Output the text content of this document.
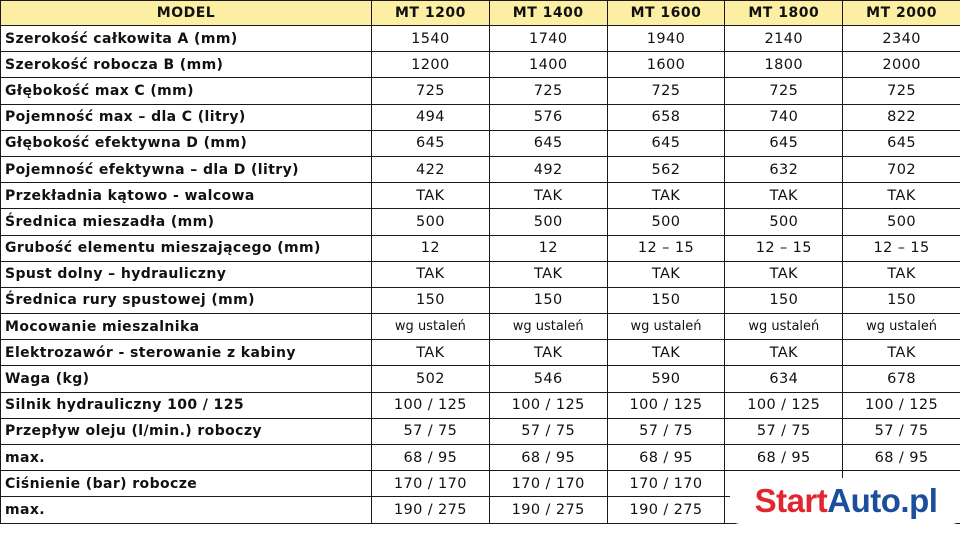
MODEL	MT 1200	MT 1400	MT 1600	MT 1800	MT 2000
Szerokość całkowita A (mm)	1540	1740	1940	2140	2340
Szerokość robocza B (mm)	1200	1400	1600	1800	2000
Głębokość max C (mm)	725	725	725	725	725
Pojemność max – dla C (litry)	494	576	658	740	822
Głębokość efektywna D (mm)	645	645	645	645	645
Pojemność efektywna – dla D (litry)	422	492	562	632	702
Przekładnia kątowo - walcowa	TAK	TAK	TAK	TAK	TAK
Średnica mieszadła (mm)	500	500	500	500	500
Grubość elementu mieszającego (mm)	12	12	12 – 15	12 – 15	12 – 15
Spust dolny – hydrauliczny	TAK	TAK	TAK	TAK	TAK
Średnica rury spustowej (mm)	150	150	150	150	150
Mocowanie mieszalnika	wg ustaleń	wg ustaleń	wg ustaleń	wg ustaleń	wg ustaleń
Elektrozawór - sterowanie z kabiny	TAK	TAK	TAK	TAK	TAK
Waga (kg)	502	546	590	634	678
Silnik hydrauliczny 100 / 125	100 / 125	100 / 125	100 / 125	100 / 125	100 / 125
Przepływ oleju (l/min.) roboczy	57 / 75	57 / 75	57 / 75	57 / 75	57 / 75
max.	68 / 95	68 / 95	68 / 95	68 / 95	68 / 95
Ciśnienie (bar) robocze	170 / 170	170 / 170	170 / 170		
max.	190 / 275	190 / 275	190 / 275			StartAuto.pl
